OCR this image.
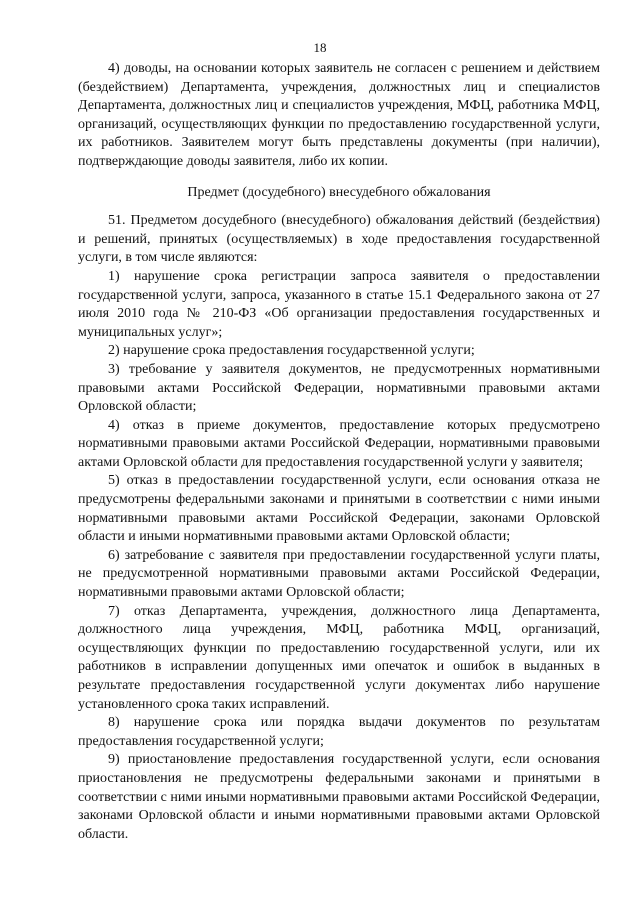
18

4) доводы, на основании которых заявитель не согласен с решением и действием (бездействием) Департамента, учреждения, должностных лиц и специалистов Департамента, должностных лиц и специалистов учреждения, МФЦ, работника МФЦ, организаций, осуществляющих функции по предоставлению государственной услуги, их работников. Заявителем могут быть представлены документы (при наличии), подтверждающие доводы заявителя, либо их копии.

Предмет (досудебного) внесудебного обжалования

51. Предметом досудебного (внесудебного) обжалования действий (бездействия) и решений, принятых (осуществляемых) в ходе предоставления государственной услуги, в том числе являются:

1) нарушение срока регистрации запроса заявителя о предоставлении государственной услуги, запроса, указанного в статье 15.1 Федерального закона от 27 июля 2010 года № 210-ФЗ «Об организации предоставления государственных и муниципальных услуг»;

2) нарушение срока предоставления государственной услуги;

3) требование у заявителя документов, не предусмотренных нормативными правовыми актами Российской Федерации, нормативными правовыми актами Орловской области;

4) отказ в приеме документов, предоставление которых предусмотрено нормативными правовыми актами Российской Федерации, нормативными правовыми актами Орловской области для предоставления государственной услуги у заявителя;

5) отказ в предоставлении государственной услуги, если основания отказа не предусмотрены федеральными законами и принятыми в соответствии с ними иными нормативными правовыми актами Российской Федерации, законами Орловской области и иными нормативными правовыми актами Орловской области;

6) затребование с заявителя при предоставлении государственной услуги платы, не предусмотренной нормативными правовыми актами Российской Федерации, нормативными правовыми актами Орловской области;

7) отказ Департамента, учреждения, должностного лица Департамента, должностного лица учреждения, МФЦ, работника МФЦ, организаций, осуществляющих функции по предоставлению государственной услуги, или их работников в исправлении допущенных ими опечаток и ошибок в выданных в результате предоставления государственной услуги документах либо нарушение установленного срока таких исправлений.

8) нарушение срока или порядка выдачи документов по результатам предоставления государственной услуги;

9) приостановление предоставления государственной услуги, если основания приостановления не предусмотрены федеральными законами и принятыми в соответствии с ними иными нормативными правовыми актами Российской Федерации, законами Орловской области и иными нормативными правовыми актами Орловской области.
